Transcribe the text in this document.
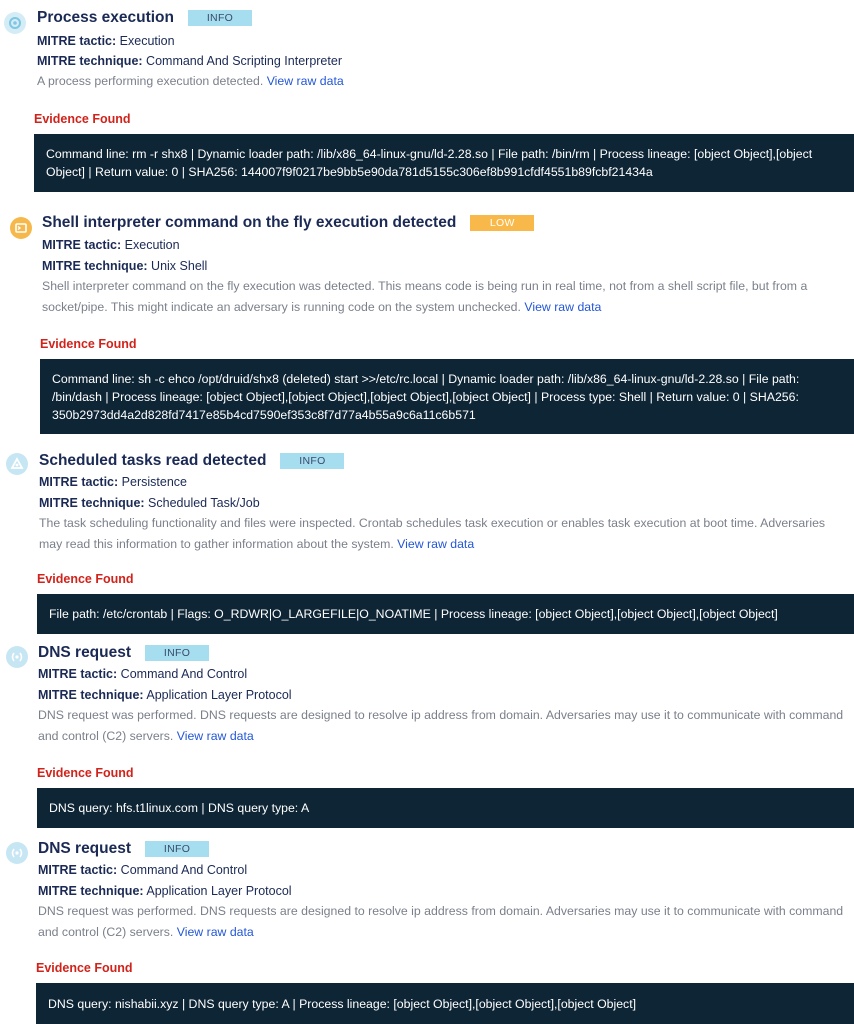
Process execution	INFO
MITRE tactic: Execution
MITRE technique: Command And Scripting Interpreter
A process performing execution detected. View raw data
Evidence Found
Command line: rm -r shx8 | Dynamic loader path: /lib/x86_64-linux-gnu/ld-2.28.so | File path: /bin/rm | Process lineage: [object Object],[object Object] | Return value: 0 | SHA256: 144007f9f0217be9bb5e90da781d5155c306ef8b991cfdf4551b89fcbf21434a
Shell interpreter command on the fly execution detected	LOW
MITRE tactic: Execution
MITRE technique: Unix Shell
Shell interpreter command on the fly execution was detected. This means code is being run in real time, not from a shell script file, but from a socket/pipe. This might indicate an adversary is running code on the system unchecked. View raw data
Evidence Found
Command line: sh -c ehco /opt/druid/shx8 (deleted) start >>/etc/rc.local | Dynamic loader path: /lib/x86_64-linux-gnu/ld-2.28.so | File path: /bin/dash | Process lineage: [object Object],[object Object],[object Object],[object Object] | Process type: Shell | Return value: 0 | SHA256: 350b2973dd4a2d828fd7417e85b4cd7590ef353c8f7d77a4b55a9c6a11c6b571
Scheduled tasks read detected	INFO
MITRE tactic: Persistence
MITRE technique: Scheduled Task/Job
The task scheduling functionality and files were inspected. Crontab schedules task execution or enables task execution at boot time. Adversaries may read this information to gather information about the system. View raw data
Evidence Found
File path: /etc/crontab | Flags: O_RDWR|O_LARGEFILE|O_NOATIME | Process lineage: [object Object],[object Object],[object Object]
DNS request	INFO
MITRE tactic: Command And Control
MITRE technique: Application Layer Protocol
DNS request was performed. DNS requests are designed to resolve ip address from domain. Adversaries may use it to communicate with command and control (C2) servers. View raw data
Evidence Found
DNS query: hfs.t1linux.com | DNS query type: A
DNS request	INFO
MITRE tactic: Command And Control
MITRE technique: Application Layer Protocol
DNS request was performed. DNS requests are designed to resolve ip address from domain. Adversaries may use it to communicate with command and control (C2) servers. View raw data
Evidence Found
DNS query: nishabii.xyz | DNS query type: A | Process lineage: [object Object],[object Object],[object Object]
